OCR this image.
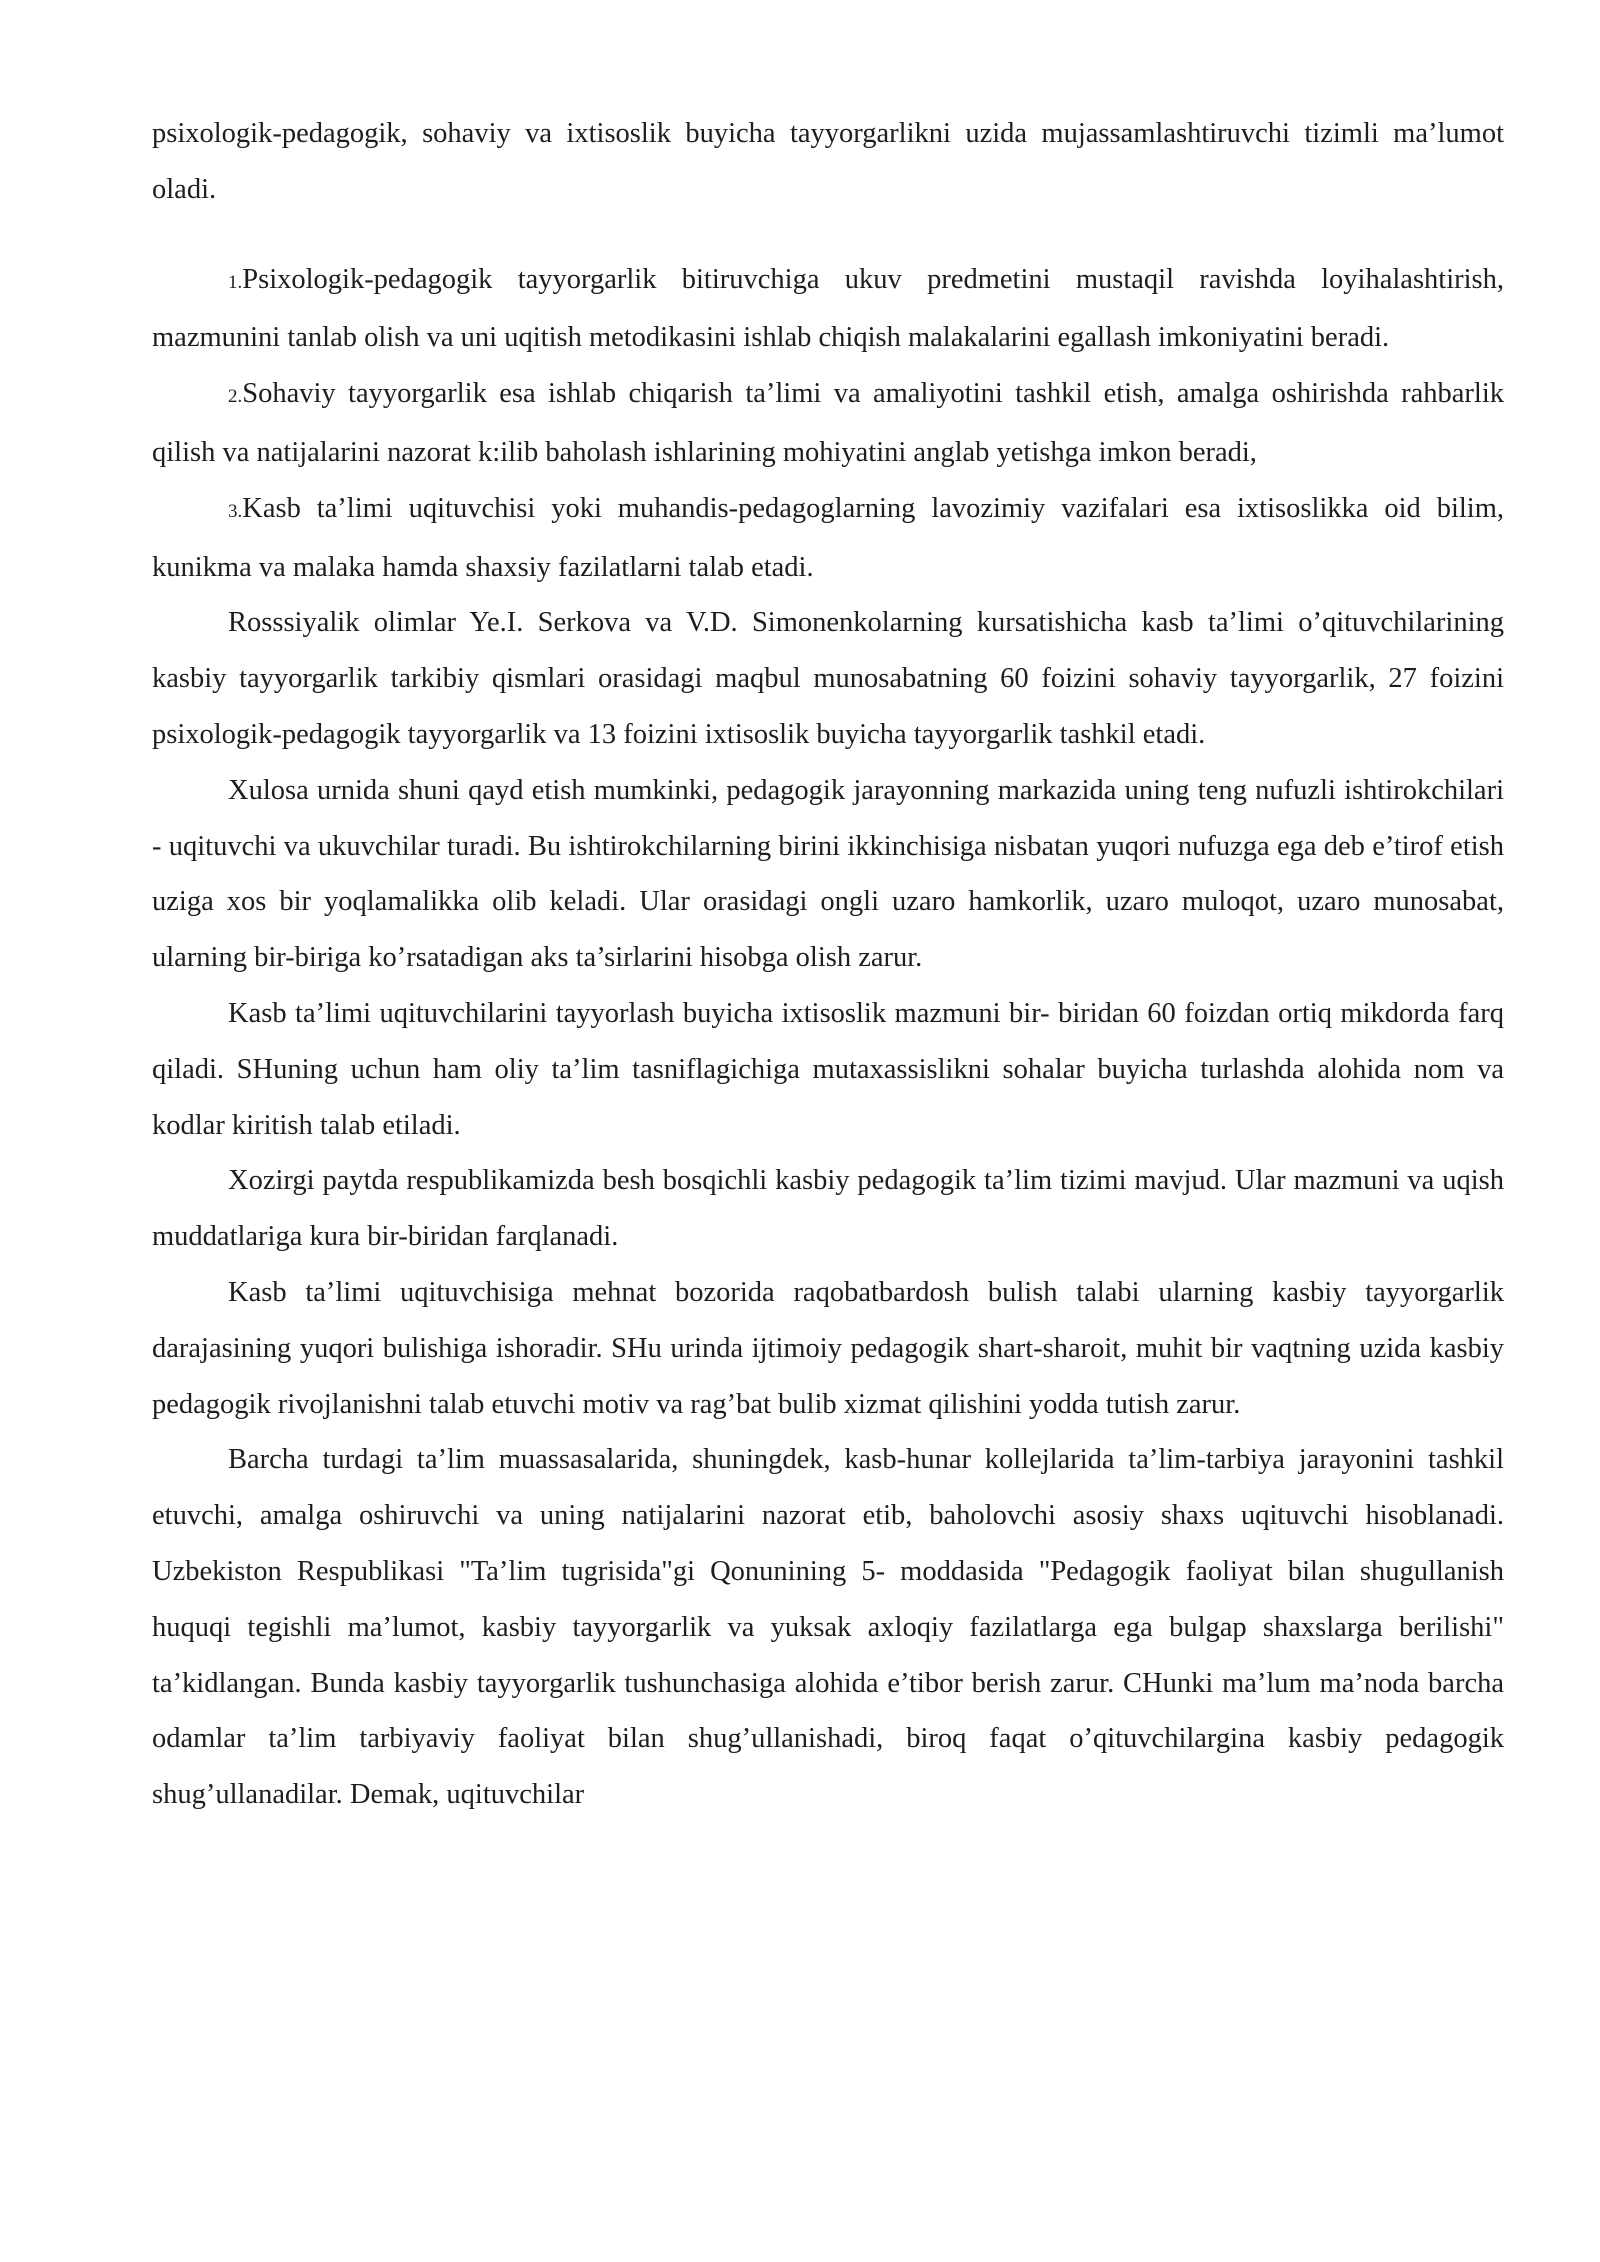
psixologik-pedagogik, sohaviy va ixtisoslik buyicha tayyorgarlikni uzida mujassamlashtiruvchi tizimli ma’lumot oladi.

1.Psixologik-pedagogik tayyorgarlik bitiruvchiga ukuv predmetini mustaqil ravishda loyihalashtirish, mazmunini tanlab olish va uni uqitish metodikasini ishlab chiqish malakalarini egallash imkoniyatini beradi.

2.Sohaviy tayyorgarlik esa ishlab chiqarish ta’limi va amaliyotini tashkil etish, amalga oshirishda rahbarlik qilish va natijalarini nazorat k:ilib baholash ishlarining mohiyatini anglab yetishga imkon beradi,

3.Kasb ta’limi uqituvchisi yoki muhandis-pedagoglarning lavozimiy vazifalari esa ixtisoslikka oid bilim, kunikma va malaka hamda shaxsiy fazilatlarni talab etadi.

Rosssiyalik olimlar Ye.I. Serkova va V.D. Simonenkolarning kursatishicha kasb ta’limi o’qituvchilarining kasbiy tayyorgarlik tarkibiy qismlari orasidagi maqbul munosabatning 60 foizini sohaviy tayyorgarlik, 27 foizini psixologik-pedagogik tayyorgarlik va 13 foizini ixtisoslik buyicha tayyorgarlik tashkil etadi.

Xulosa urnida shuni qayd etish mumkinki, pedagogik jarayonning markazida uning teng nufuzli ishtirokchilari - uqituvchi va ukuvchilar turadi. Bu ishtirokchilarning birini ikkinchisiga nisbatan yuqori nufuzga ega deb e’tirof etish uziga xos bir yoqlamalikka olib keladi. Ular orasidagi ongli uzaro hamkorlik, uzaro muloqot, uzaro munosabat, ularning bir-biriga ko’rsatadigan aks ta’sirlarini hisobga olish zarur.

Kasb ta’limi uqituvchilarini tayyorlash buyicha ixtisoslik mazmuni bir- biridan 60 foizdan ortiq mikdorda farq qiladi. SHuning uchun ham oliy ta’lim tasniflagichiga mutaxassislikni sohalar buyicha turlashda alohida nom va kodlar kiritish talab etiladi.

Xozirgi paytda respublikamizda besh bosqichli kasbiy pedagogik ta’lim tizimi mavjud. Ular mazmuni va uqish muddatlariga kura bir-biridan farqlanadi.

Kasb ta’limi uqituvchisiga mehnat bozorida raqobatbardosh bulish talabi ularning kasbiy tayyorgarlik darajasining yuqori bulishiga ishoradir. SHu urinda ijtimoiy pedagogik shart-sharoit, muhit bir vaqtning uzida kasbiy pedagogik rivojlanishni talab etuvchi motiv va rag’bat bulib xizmat qilishini yodda tutish zarur.

Barcha turdagi ta’lim muassasalarida, shuningdek, kasb-hunar kollejlarida ta’lim-tarbiya jarayonini tashkil etuvchi, amalga oshiruvchi va uning natijalarini nazorat etib, baholovchi asosiy shaxs uqituvchi hisoblanadi. Uzbekiston Respublikasi "Ta’lim tugrisida"gi Qonunining 5- moddasida "Pedagogik faoliyat bilan shugullanish huquqi tegishli ma’lumot, kasbiy tayyorgarlik va yuksak axloqiy fazilatlarga ega bulgap shaxslarga berilishi" ta’kidlangan. Bunda kasbiy tayyorgarlik tushunchasiga alohida e’tibor berish zarur. CHunki ma’lum ma’noda barcha odamlar ta’lim tarbiyaviy faoliyat bilan shug’ullanishadi, biroq faqat o’qituvchilargina kasbiy pedagogik shug’ullanadilar. Demak, uqituvchilar
